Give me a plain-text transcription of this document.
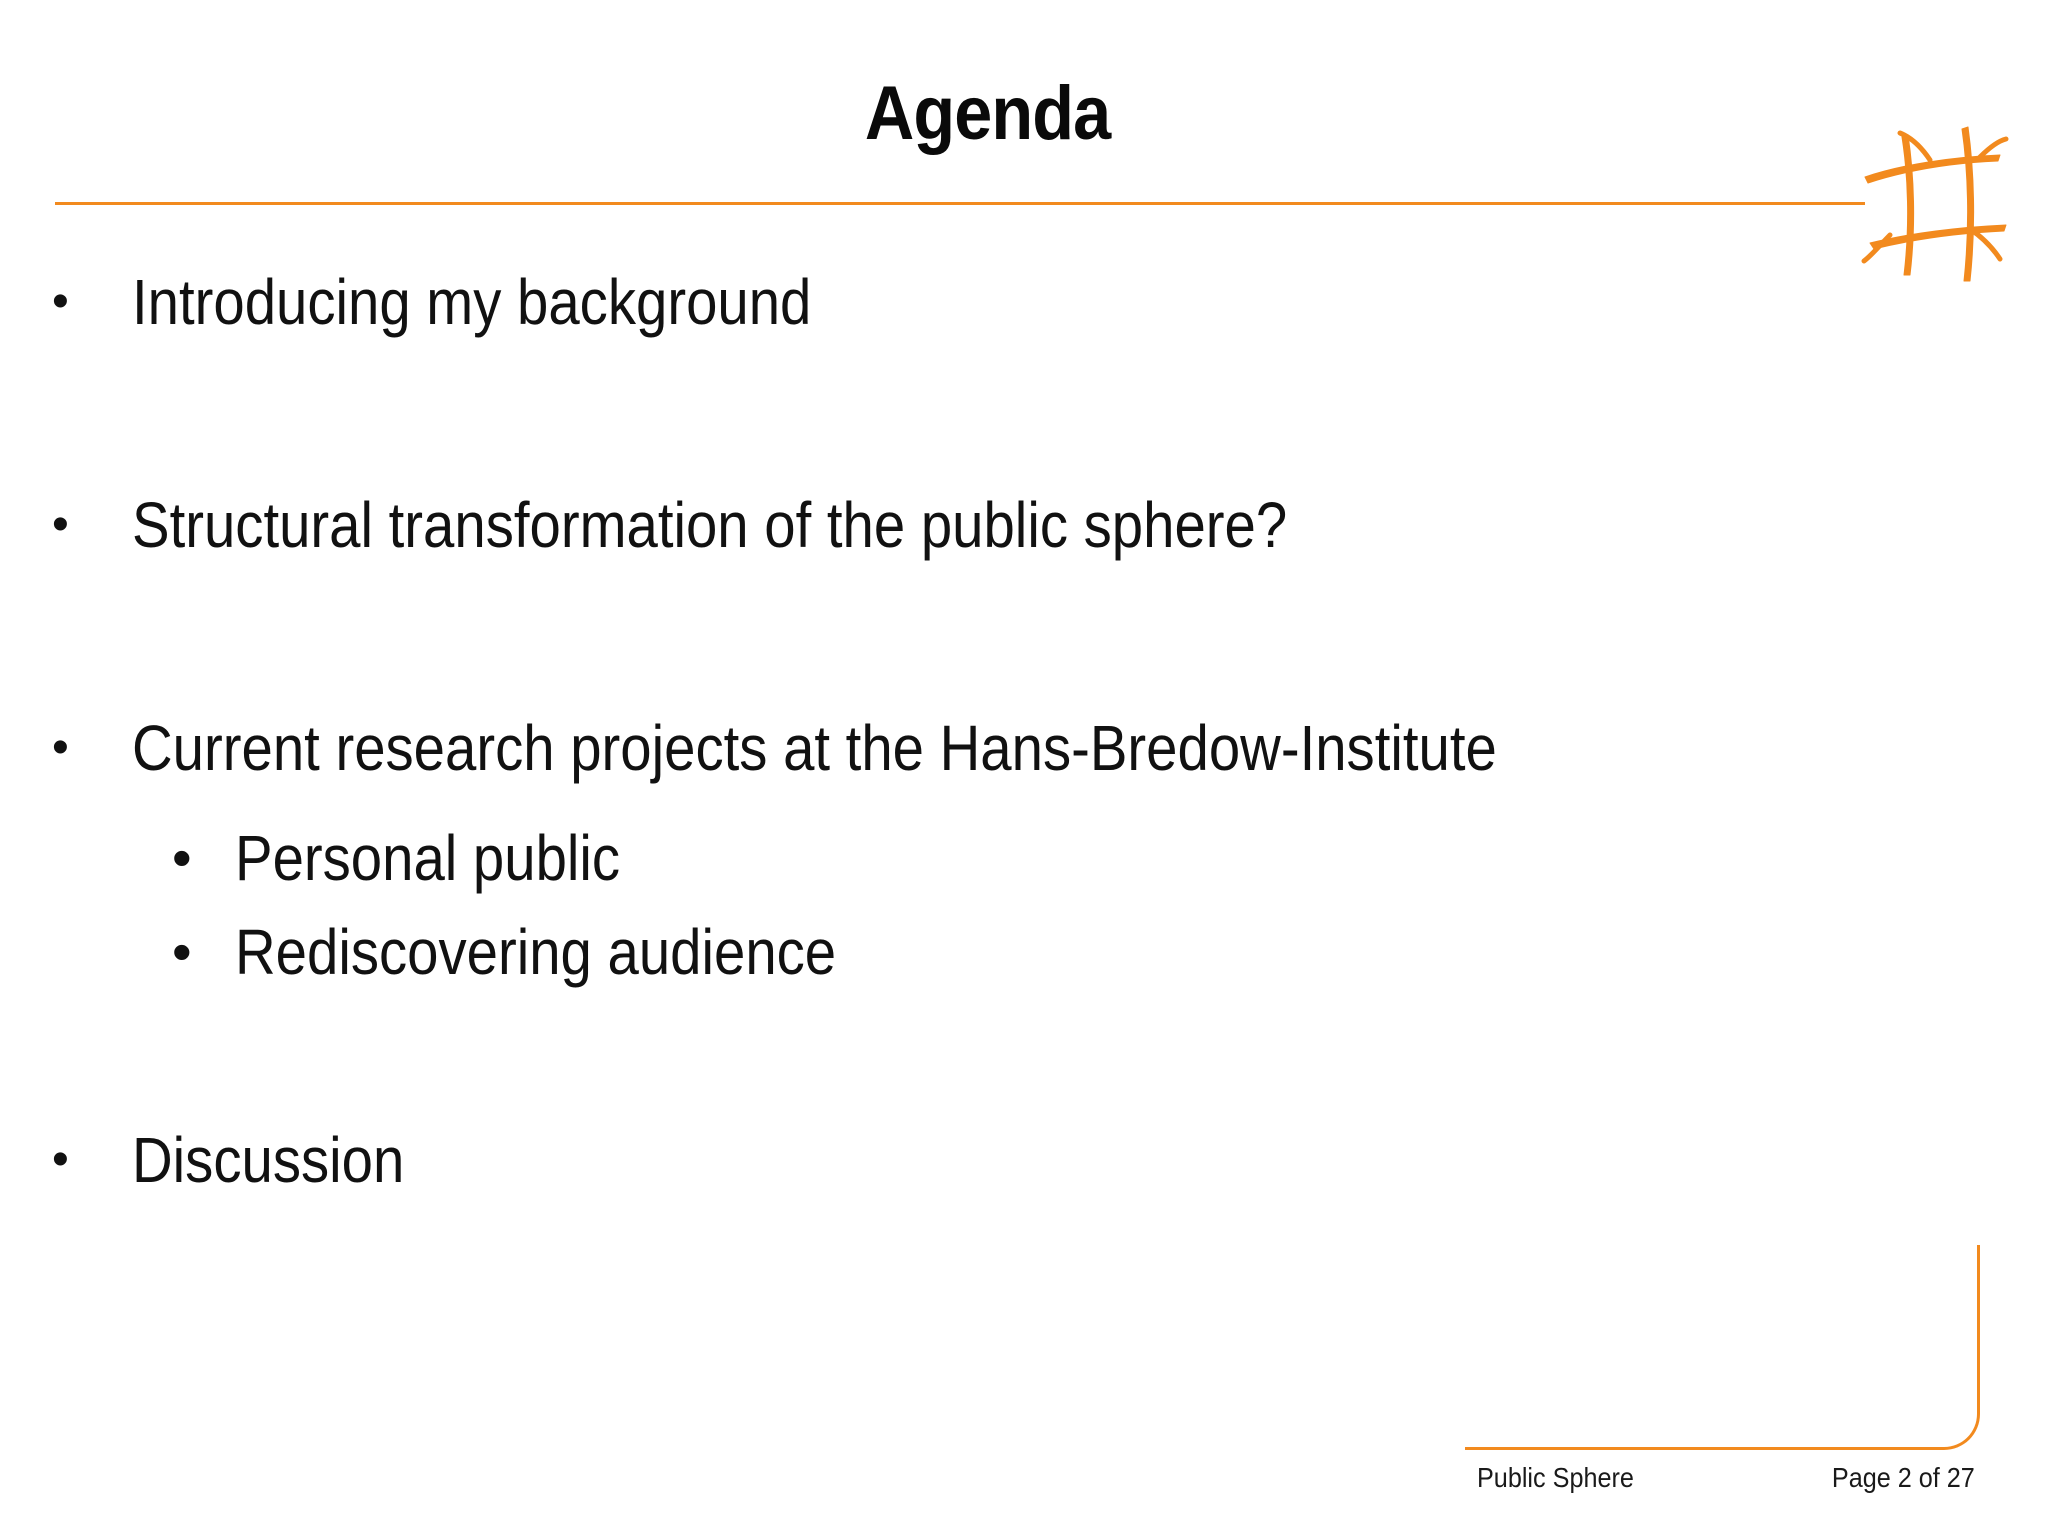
Agenda
• Introducing my background
• Structural transformation of the public sphere?
• Current research projects at the Hans-Bredow-Institute
• Personal public
• Rediscovering audience
• Discussion
Public Sphere	Page 2 of 27
